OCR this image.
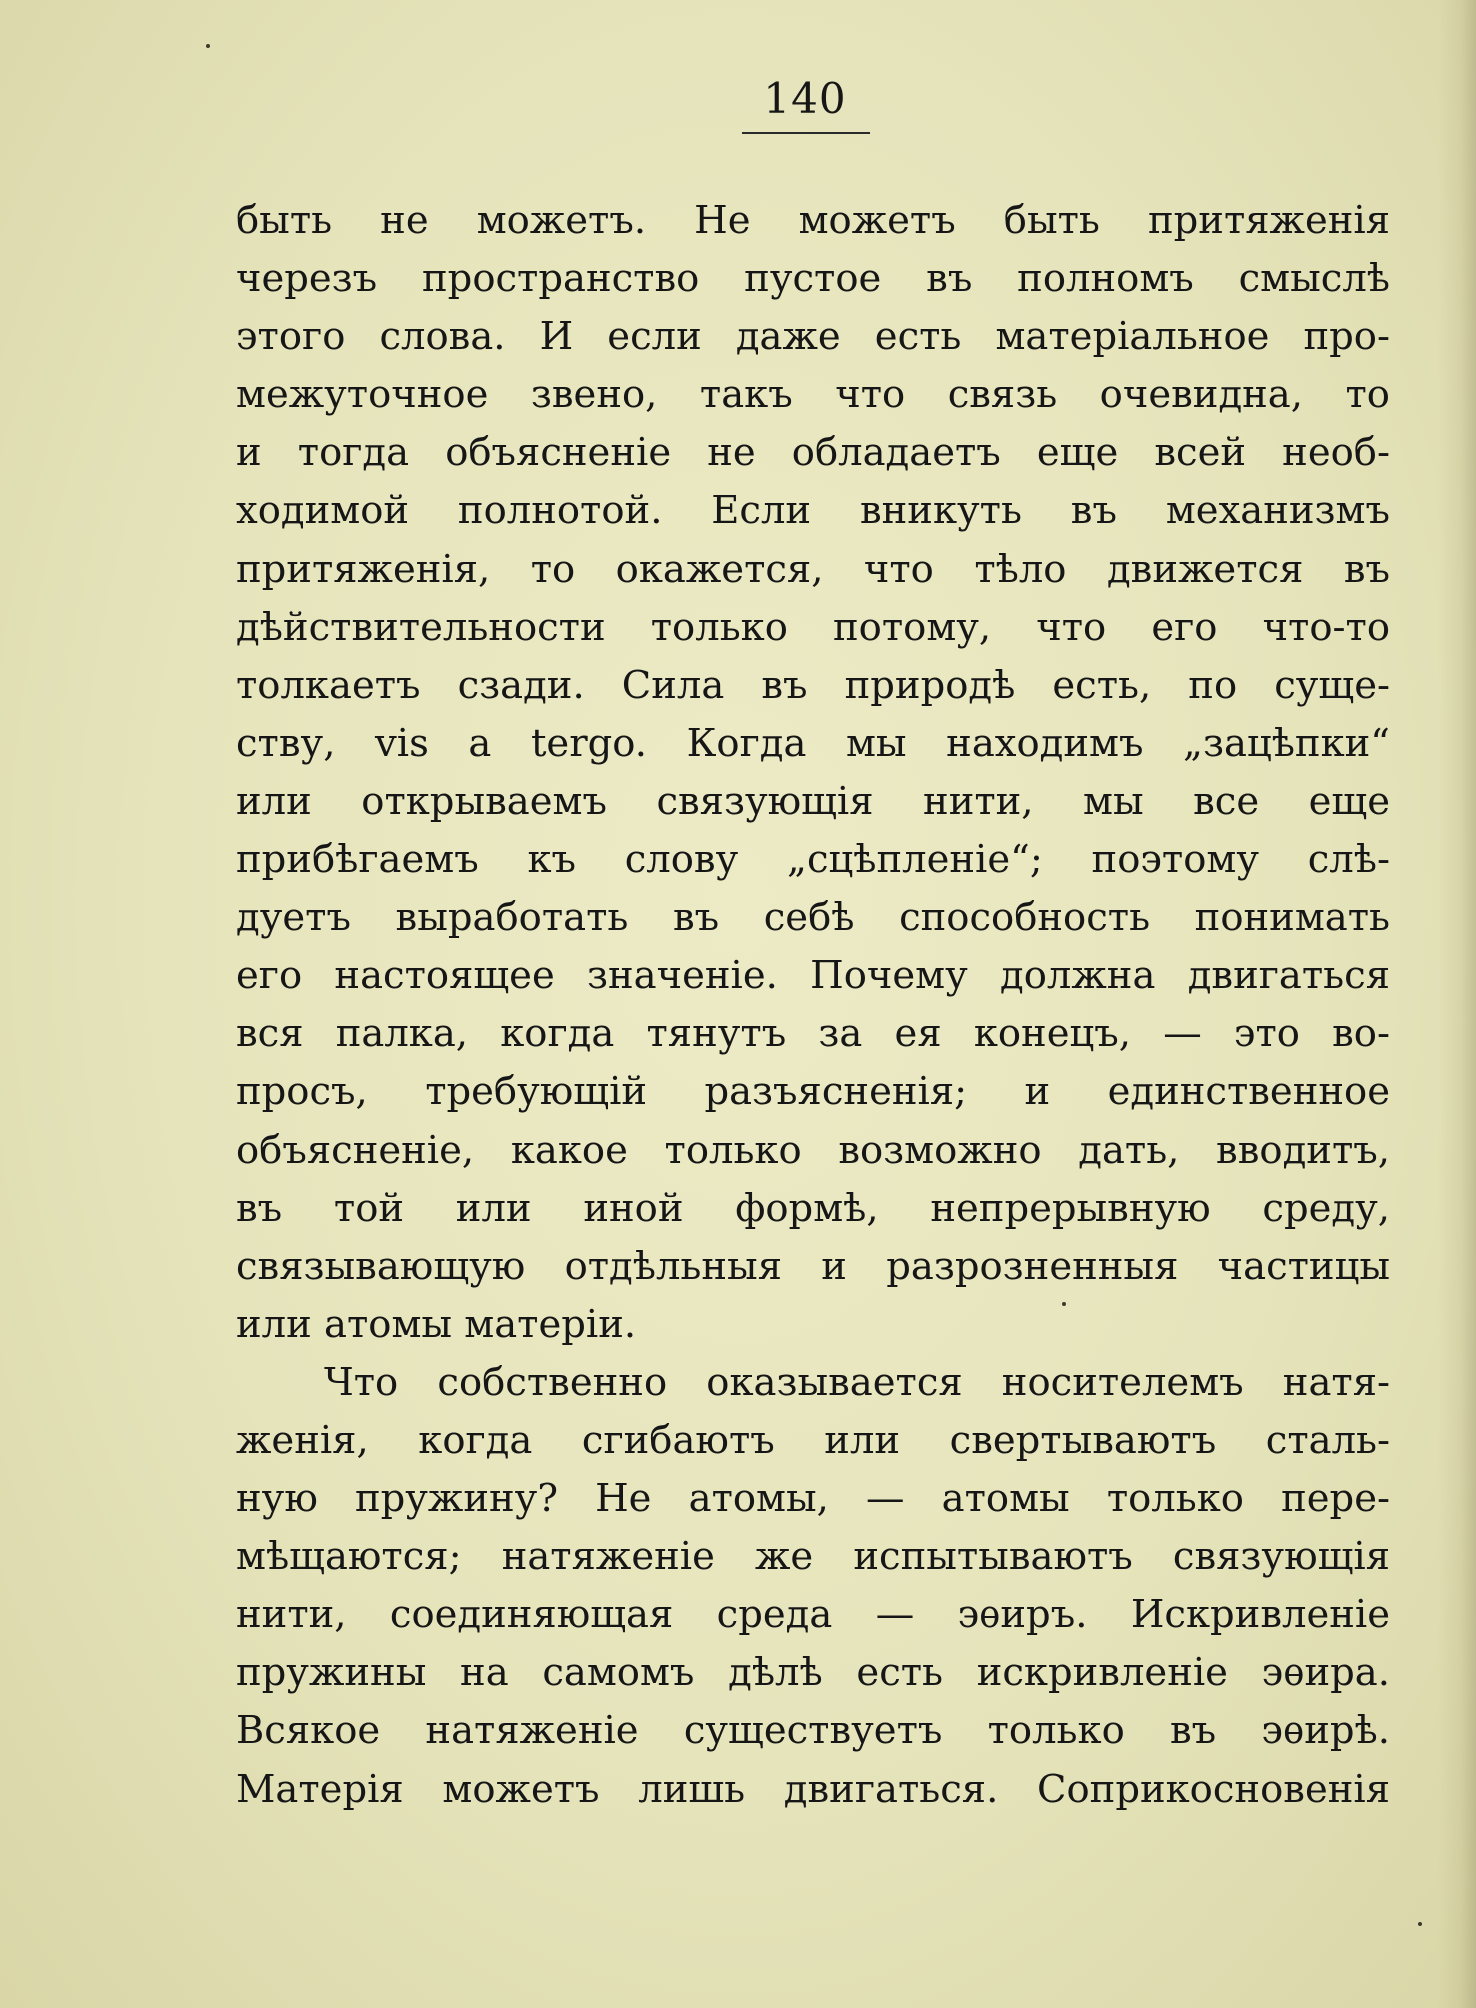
140
быть не можетъ. Не можетъ быть притяженія
черезъ пространство пустое въ полномъ смыслѣ
этого слова. И если даже есть матеріальное про-
межуточное звено, такъ что связь очевидна, то
и тогда объясненіе не обладаетъ еще всей необ-
ходимой полнотой. Если вникуть въ механизмъ
притяженія, то окажется, что тѣло движется въ
дѣйствительности только потому, что его что-то
толкаетъ сзади. Сила въ природѣ есть, по суще-
ству, vis a tergo. Когда мы находимъ „зацѣпки“
или открываемъ связующія нити, мы все еще
прибѣгаемъ къ слову „сцѣпленіе“; поэтому слѣ-
дуетъ выработать въ себѣ способность понимать
его настоящее значеніе. Почему должна двигаться
вся палка, когда тянутъ за ея конецъ, — это во-
просъ, требующій разъясненія; и единственное
объясненіе, какое только возможно дать, вводитъ,
въ той или иной формѣ, непрерывную среду,
связывающую отдѣльныя и разрозненныя частицы
или атомы матеріи.
Что собственно оказывается носителемъ натя-
женія, когда сгибаютъ или свертываютъ сталь-
ную пружину? Не атомы, — атомы только пере-
мѣщаются; натяженіе же испытываютъ связующія
нити, соединяющая среда — эѳиръ. Искривленіе
пружины на самомъ дѣлѣ есть искривленіе эѳира.
Всякое натяженіе существуетъ только въ эѳирѣ.
Матерія можетъ лишь двигаться. Соприкосновенія
